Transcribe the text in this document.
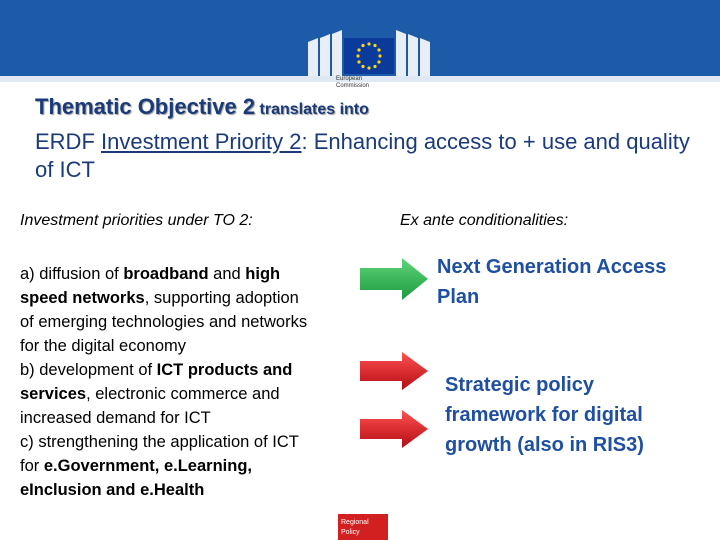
European
Commission
Thematic Objective 2 translates into
ERDF Investment Priority 2: Enhancing access to + use and quality of ICT
Investment priorities under TO 2:	Ex ante conditionalities:
a) diffusion of broadband and high
speed networks, supporting adoption
of emerging technologies and networks
for the digital economy
b) development of ICT products and
services, electronic commerce and
increased demand for ICT
c) strengthening the application of ICT
for e.Government, e.Learning,
eInclusion and e.Health
Next Generation Access
Plan
Strategic policy
framework for digital
growth (also in RIS3)
Regional
Policy
